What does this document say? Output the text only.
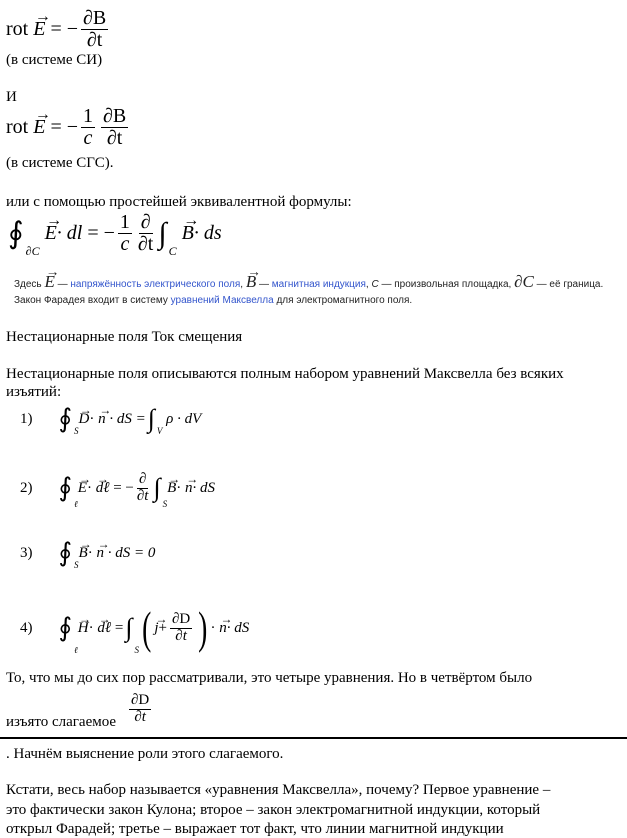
rot
→ E
= − $\frac{\partial B}{\partial t}$
(в системе СИ)
И
rot
→ E
= − $\frac{1}{c} \frac{\partial B}{\partial t}$
(в системе СГС).
или с помощью простейшей эквивалентной формулы:
∮
∂C

→ E · dl
= − $\frac{1}{c}$ ∂
∂t ∫
C

→ B · ds
Здесь → E — напряжённость электрического поля, → B — магнитная индукция, C — произвольная площадка, ∂C — её граница.
Закон Фарадея входит в систему уравнений Максвелла для электромагнитного поля.
Нестационарные поля Ток смещения
Нестационарные поля описываются полным набором уравнений Максвелла без всяких
изъятий:
1) ∮ S
→ D · → n
· dS = ∫ V

ρ · dV
2) ∮
ℓ
→ E · → dℓ
= −
∂
∂t ∫
S
→ B · → n · dS
3) ∮ S
→ B · → n
· dS = 0
4) ∮
ℓ
→ H · → dℓ
= ∫
S ( → $j + \frac{\partial D}{\partial t}$ ) · → n · dS
То, что мы до сих пор рассматривали, это четыре уравнения. Но в четвёртом было
изъято слагаемое $\frac{\partial D}{\partial t}$
. Начнём выяснение роли этого слагаемого.
Кстати, весь набор называется «уравнения Максвелла», почему? Первое уравнение –
это фактически закон Кулона; второе – закон электромагнитной индукции, который
открыл Фарадей; третье – выражает тот факт, что линии магнитной индукции
